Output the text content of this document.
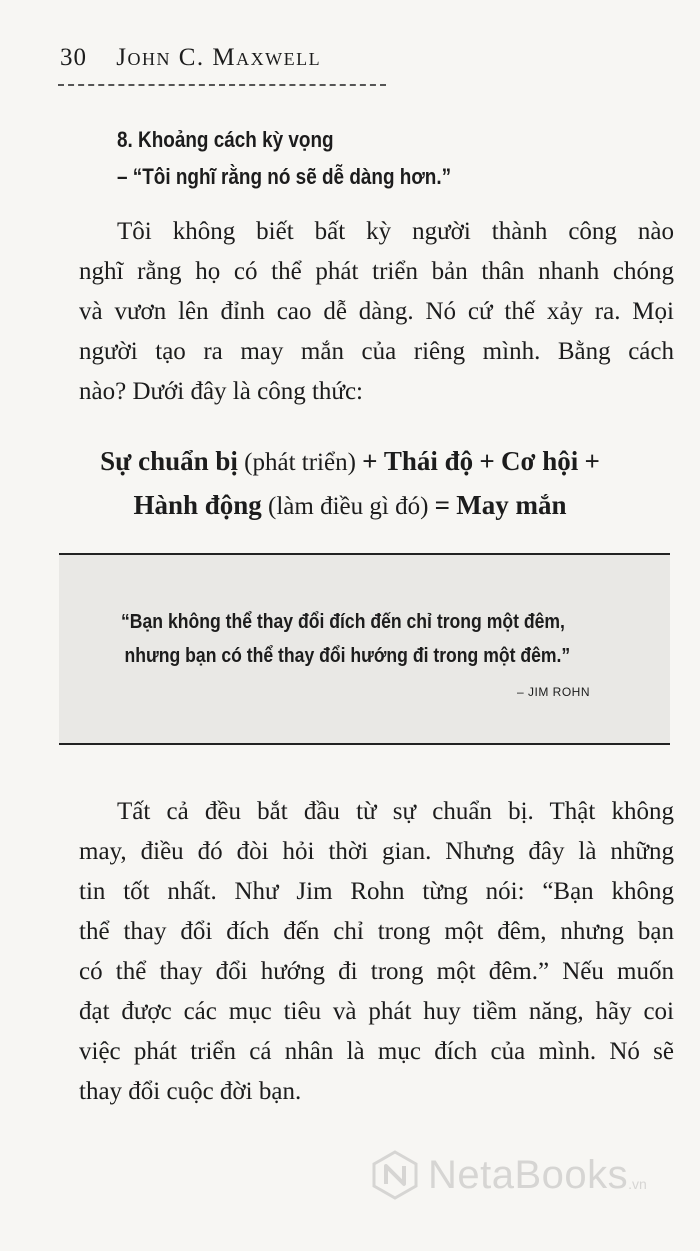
30 John C. Maxwell
8. Khoảng cách kỳ vọng
– “Tôi nghĩ rằng nó sẽ dễ dàng hơn.”
Tôi không biết bất kỳ người thành công nào
nghĩ rằng họ có thể phát triển bản thân nhanh chóng
và vươn lên đỉnh cao dễ dàng. Nó cứ thế xảy ra. Mọi
người tạo ra may mắn của riêng mình. Bằng cách
nào? Dưới đây là công thức:
Sự chuẩn bị (phát triển) + Thái độ + Cơ hội +
Hành động (làm điều gì đó) = May mắn
“Bạn không thể thay đổi đích đến chỉ trong một đêm,
nhưng bạn có thể thay đổi hướng đi trong một đêm.”
– JIM ROHN
Tất cả đều bắt đầu từ sự chuẩn bị. Thật không
may, điều đó đòi hỏi thời gian. Nhưng đây là những
tin tốt nhất. Như Jim Rohn từng nói: “Bạn không
thể thay đổi đích đến chỉ trong một đêm, nhưng bạn
có thể thay đổi hướng đi trong một đêm.” Nếu muốn
đạt được các mục tiêu và phát huy tiềm năng, hãy coi
việc phát triển cá nhân là mục đích của mình. Nó sẽ
thay đổi cuộc đời bạn.
NetaBooks .vn
